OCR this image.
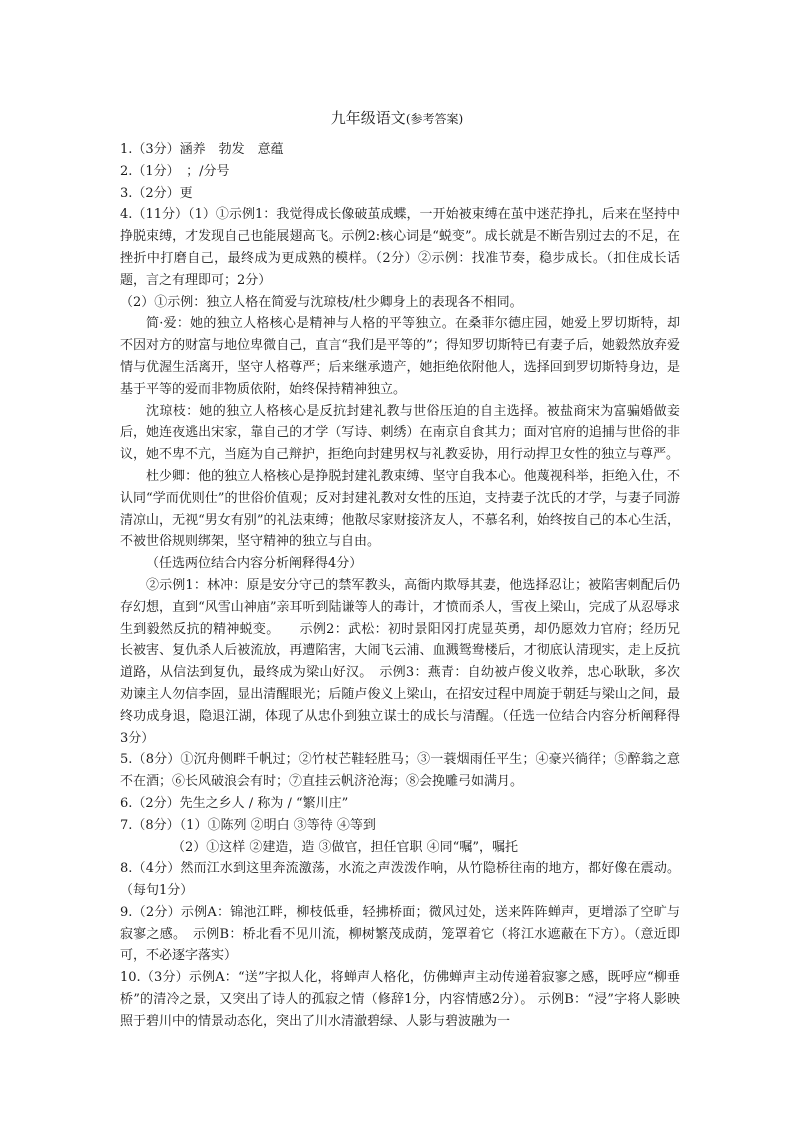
九年级语文(参考答案)

1.（3分）涵养　勃发　意蕴

2.（1分）　；/分号

3.（2分）更

4.（11分）（1）①示例1：我觉得成长像破茧成蝶，一开始被束缚在茧中迷茫挣扎，后来在坚持中挣脱束缚，才发现自己也能展翅高飞。示例2:核心词是“蜕变”。成长就是不断告别过去的不足，在挫折中打磨自己，最终成为更成熟的模样。（2分）②示例：找准节奏，稳步成长。（扣住成长话题，言之有理即可；2分）

（2）①示例：独立人格在简爱与沈琼枝/杜少卿身上的表现各不相同。

简·爱：她的独立人格核心是精神与人格的平等独立。在桑菲尔德庄园，她爱上罗切斯特，却不因对方的财富与地位卑微自己，直言“我们是平等的”；得知罗切斯特已有妻子后，她毅然放弃爱情与优渥生活离开，坚守人格尊严；后来继承遗产，她拒绝依附他人，选择回到罗切斯特身边，是基于平等的爱而非物质依附，始终保持精神独立。

沈琼枝：她的独立人格核心是反抗封建礼教与世俗压迫的自主选择。被盐商宋为富骗婚做妾后，她连夜逃出宋家，靠自己的才学（写诗、刺绣）在南京自食其力；面对官府的追捕与世俗的非议，她不卑不亢，当庭为自己辩护，拒绝向封建男权与礼教妥协，用行动捍卫女性的独立与尊严。

杜少卿：他的独立人格核心是挣脱封建礼教束缚、坚守自我本心。他蔑视科举，拒绝入仕，不认同“学而优则仕”的世俗价值观；反对封建礼教对女性的压迫，支持妻子沈氏的才学，与妻子同游清凉山，无视“男女有别”的礼法束缚；他散尽家财接济友人，不慕名利，始终按自己的本心生活，不被世俗规则绑架，坚守精神的独立与自由。

（任选两位结合内容分析阐释得4分）

②示例1：林冲：原是安分守己的禁军教头，高衙内欺辱其妻，他选择忍让；被陷害刺配后仍存幻想，直到“风雪山神庙”亲耳听到陆谦等人的毒计，才愤而杀人，雪夜上梁山，完成了从忍辱求生到毅然反抗的精神蜕变。　　示例2：武松：初时景阳冈打虎显英勇，却仍愿效力官府；经历兄长被害、复仇杀人后被流放，再遭陷害，大闹飞云浦、血溅鸳鸯楼后，才彻底认清现实，走上反抗道路，从信法到复仇，最终成为梁山好汉。　示例3：燕青：自幼被卢俊义收养，忠心耿耿，多次劝谏主人勿信李固，显出清醒眼光；后随卢俊义上梁山，在招安过程中周旋于朝廷与梁山之间，最终功成身退，隐退江湖，体现了从忠仆到独立谋士的成长与清醒。（任选一位结合内容分析阐释得3分）

5.（8分）①沉舟侧畔千帆过；②竹杖芒鞋轻胜马；③一蓑烟雨任平生；④豪兴徜徉；⑤醉翁之意不在酒；⑥长风破浪会有时；⑦直挂云帆济沧海；⑧会挽雕弓如满月。

6.（2分）先生之乡人 / 称为 / “繁川庄”

7.（8分）（1）①陈列 ②明白 ③等待 ④等到

（2）①这样 ②建造，造 ③做官，担任官职 ④同“嘱”，嘱托

8.（4分）然而江水到这里奔流激荡，水流之声泼泼作响，从竹隐桥往南的地方，都好像在震动。（每句1分）

9.（2分）示例A：锦池江畔，柳枝低垂，轻拂桥面；微风过处，送来阵阵蝉声，更增添了空旷与寂寥之感。　示例B：桥北看不见川流，柳树繁茂成荫，笼罩着它（将江水遮蔽在下方）。（意近即可，不必逐字落实）

10.（3分）示例A：“送”字拟人化，将蝉声人格化，仿佛蝉声主动传递着寂寥之感，既呼应“柳垂桥”的清冷之景，又突出了诗人的孤寂之情（修辞1分，内容情感2分）。 示例B：“浸”字将人影映照于碧川中的情景动态化，突出了川水清澈碧绿、人影与碧波融为一
